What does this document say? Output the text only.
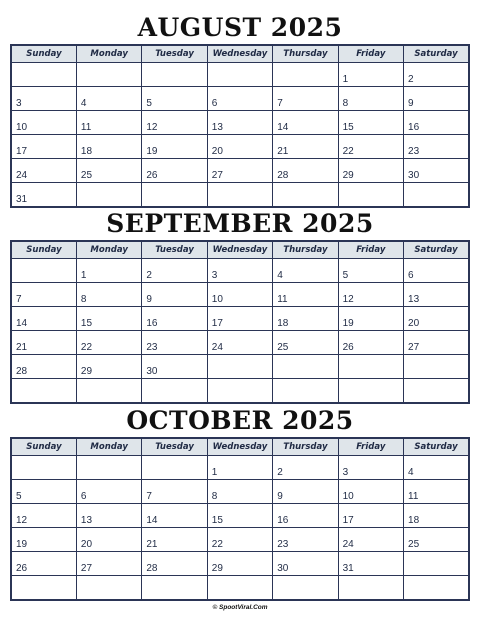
AUGUST 2025
Sunday	Monday	Tuesday	Wednesday	Thursday	Friday	Saturday
					1	2
3	4	5	6	7	8	9
10	11	12	13	14	15	16
17	18	19	20	21	22	23
24	25	26	27	28	29	30
31						
SEPTEMBER 2025
Sunday	Monday	Tuesday	Wednesday	Thursday	Friday	Saturday
	1	2	3	4	5	6
7	8	9	10	11	12	13
14	15	16	17	18	19	20
21	22	23	24	25	26	27
28	29	30				

OCTOBER 2025
Sunday	Monday	Tuesday	Wednesday	Thursday	Friday	Saturday
			1	2	3	4
5	6	7	8	9	10	11
12	13	14	15	16	17	18
19	20	21	22	23	24	25
26	27	28	29	30	31	

© SpootViral.Com
